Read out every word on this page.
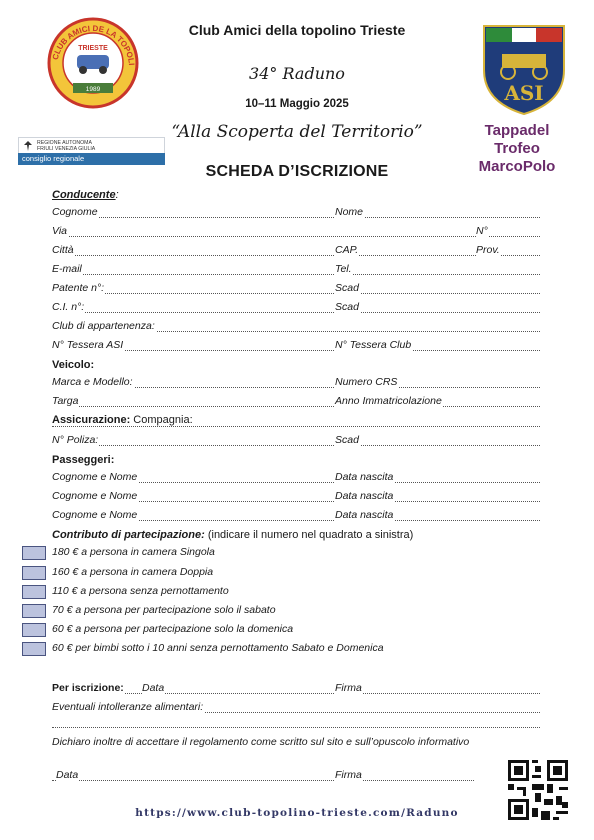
Club Amici della topolino Trieste
34° Raduno
10–11 Maggio 2025
“Alla Scoperta del Territorio”
SCHEDA D’ISCRIZIONE
CLUB AMICI DE LA TOPOLI
TRIESTE
1989	ASI
Tappadel
Trofeo
MarcoPolo
REGIONE AUTONOMA
FRIULI VENEZIA GIULIA
consiglio regionale
Conducente:
Cognome	Nome
Via	N°
Città	CAP.	Prov.
E-mail	Tel.
Patente n°:	Scad
C.I. n°:	Scad
Club di appartenenza:
N° Tessera ASI	N° Tessera Club
Veicolo:
Marca e Modello:	Numero CRS
Targa	Anno Immatricolazione
Assicurazione: Compagnia:
N° Poliza:	Scad
Passeggeri:
Cognome e Nome	Data nascita
Cognome e Nome	Data nascita
Cognome e Nome	Data nascita
Contributo di partecipazione: (indicare il numero nel quadrato a sinistra)
180 € a persona in camera Singola
160 € a persona in camera Doppia
110 € a persona senza pernottamento
70 € a persona per partecipazione solo il sabato
60 € a persona per partecipazione solo la domenica
60 € per bimbi sotto i 10 anni senza pernottamento Sabato e Domenica
Per iscrizione: Data	Firma
Eventuali intolleranze alimentari:
Dichiaro inoltre di accettare il regolamento come scritto sul sito e sull’opuscolo informativo
Data	Firma
https://www.club-topolino-trieste.com/Raduno
